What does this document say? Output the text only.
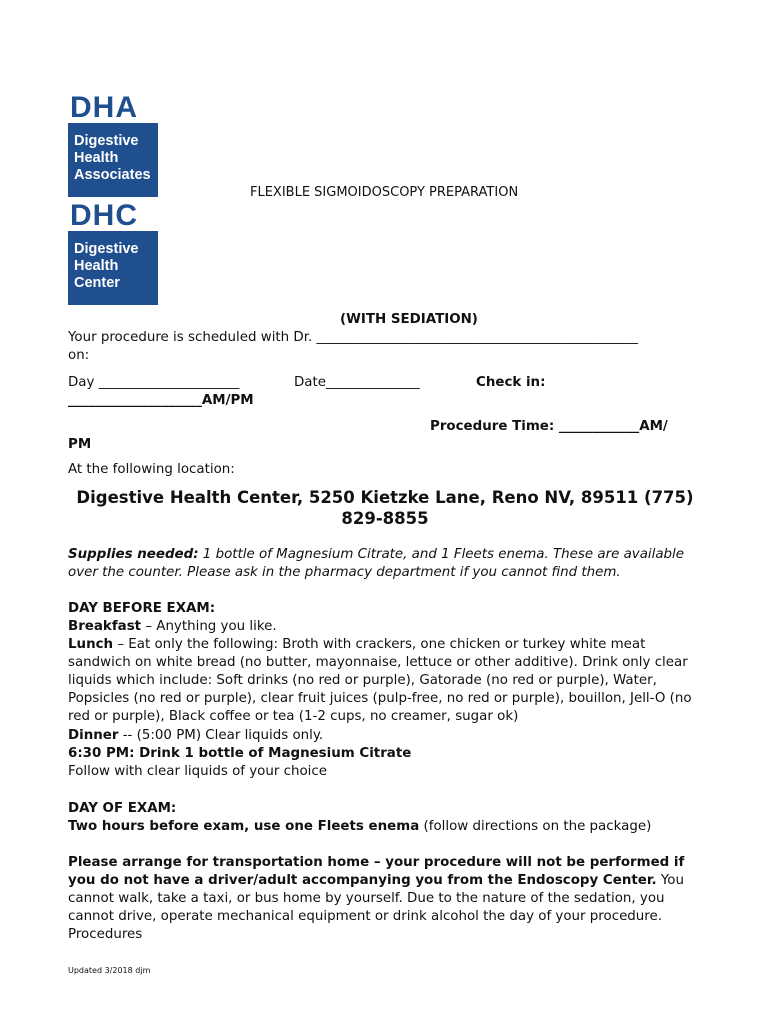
DHA
Digestive
Health
Associates
DHC
Digestive
Health
Center
FLEXIBLE SIGMOIDOSCOPY PREPARATION
(WITH SEDIATION)
Your procedure is scheduled with Dr. ________________________________________________
on:
Day _____________________	Date______________	Check in:
____________________AM/PM
Procedure Time: ____________AM/
PM
At the following location:
Digestive Health Center, 5250 Kietzke Lane, Reno NV, 89511 (775) 829-8855
Supplies needed: 1 bottle of Magnesium Citrate, and 1 Fleets enema. These are available over the counter. Please ask in the pharmacy department if you cannot find them.
DAY BEFORE EXAM:
Breakfast – Anything you like.
Lunch – Eat only the following: Broth with crackers, one chicken or turkey white meat sandwich on white bread (no butter, mayonnaise, lettuce or other additive). Drink only clear liquids which include: Soft drinks (no red or purple), Gatorade (no red or purple), Water, Popsicles (no red or purple), clear fruit juices (pulp-free, no red or purple), bouillon, Jell-O (no red or purple), Black coffee or tea (1-2 cups, no creamer, sugar ok)
Dinner -- (5:00 PM) Clear liquids only.
6:30 PM: Drink 1 bottle of Magnesium Citrate
Follow with clear liquids of your choice
DAY OF EXAM:
Two hours before exam, use one Fleets enema (follow directions on the package)
Please arrange for transportation home – your procedure will not be performed if you do not have a driver/adult accompanying you from the Endoscopy Center. You cannot walk, take a taxi, or bus home by yourself. Due to the nature of the sedation, you cannot drive, operate mechanical equipment or drink alcohol the day of your procedure. Procedures
Updated 3/2018 djm
